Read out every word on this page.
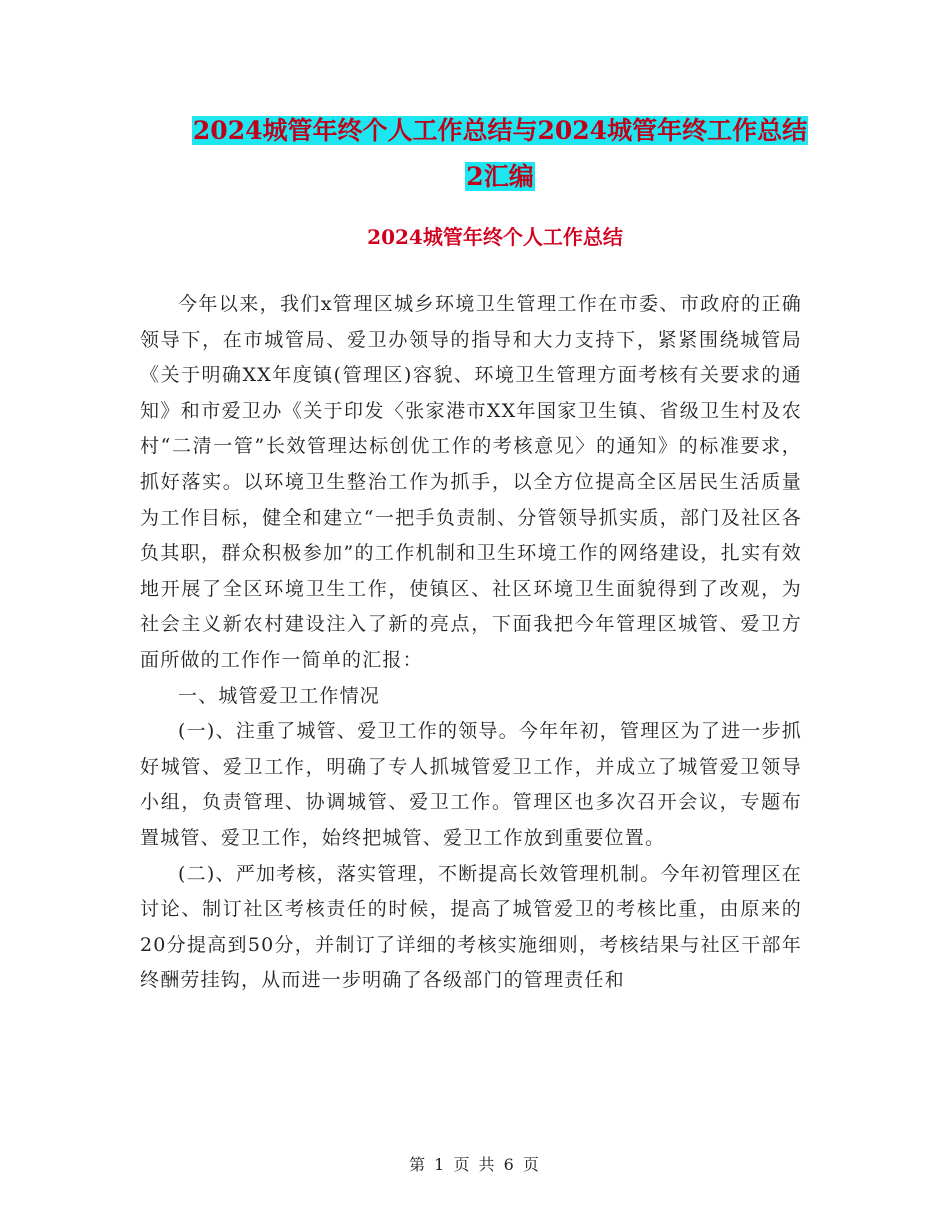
2024城管年终个人工作总结与2024城管年终工作总结
2汇编
2024城管年终个人工作总结

今年以来，我们x管理区城乡环境卫生管理工作在市委、市政府的正确领导下，在市城管局、爱卫办领导的指导和大力支持下，紧紧围绕城管局《关于明确XX年度镇(管理区)容貌、环境卫生管理方面考核有关要求的通知》和市爱卫办《关于印发〈张家港市XX年国家卫生镇、省级卫生村及农村“二清一管”长效管理达标创优工作的考核意见〉的通知》的标准要求，抓好落实。以环境卫生整治工作为抓手，以全方位提高全区居民生活质量为工作目标，健全和建立“一把手负责制、分管领导抓实质，部门及社区各负其职，群众积极参加”的工作机制和卫生环境工作的网络建设，扎实有效地开展了全区环境卫生工作，使镇区、社区环境卫生面貌得到了改观，为社会主义新农村建设注入了新的亮点，下面我把今年管理区城管、爱卫方面所做的工作作一简单的汇报：

一、城管爱卫工作情况

(一)、注重了城管、爱卫工作的领导。今年年初，管理区为了进一步抓好城管、爱卫工作，明确了专人抓城管爱卫工作，并成立了城管爱卫领导小组，负责管理、协调城管、爱卫工作。管理区也多次召开会议，专题布置城管、爱卫工作，始终把城管、爱卫工作放到重要位置。

(二)、严加考核，落实管理，不断提高长效管理机制。今年初管理区在讨论、制订社区考核责任的时候，提高了城管爱卫的考核比重，由原来的20分提高到50分，并制订了详细的考核实施细则，考核结果与社区干部年终酬劳挂钩，从而进一步明确了各级部门的管理责任和

第 1 页 共 6 页
